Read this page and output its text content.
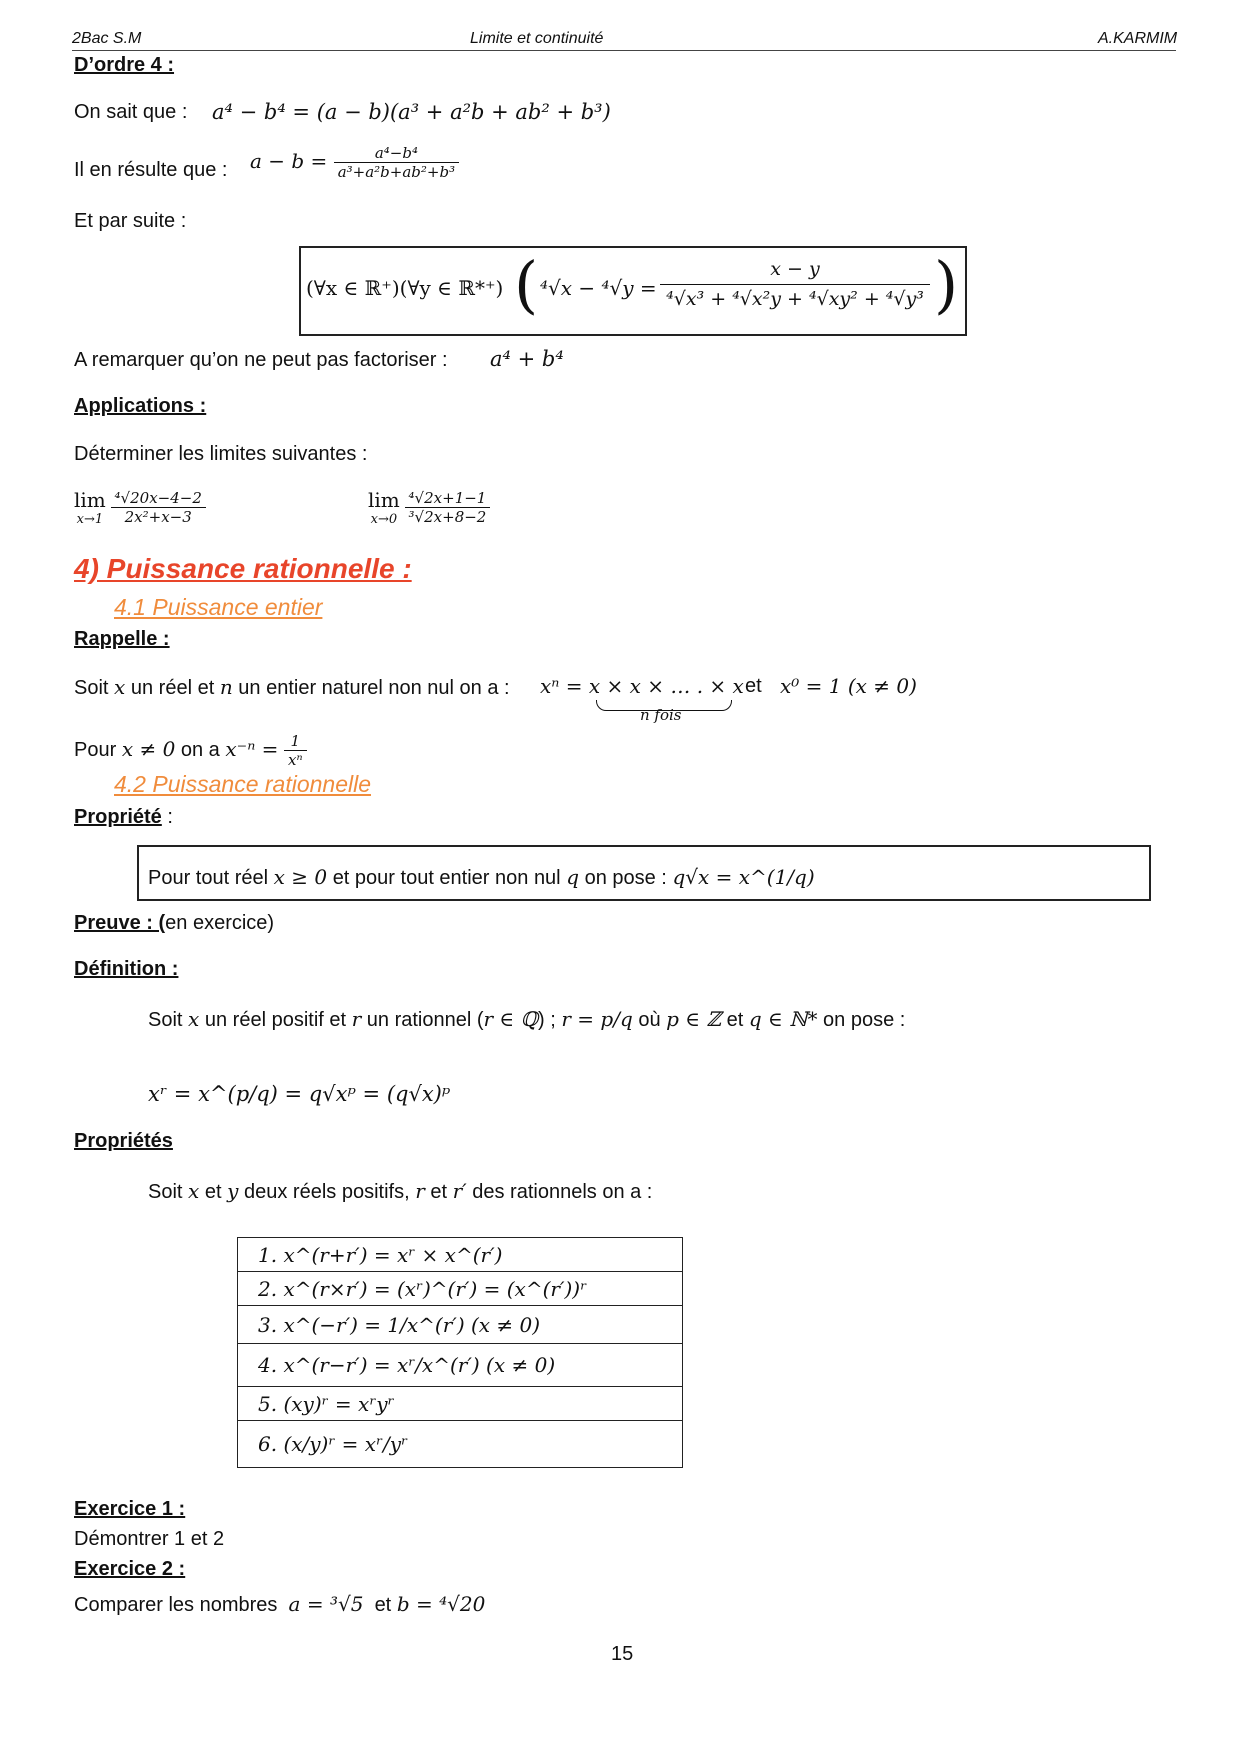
2Bac S.M	Limite et continuité	A.KARMIM
D’ordre 4 :
On sait que : a⁴ − b⁴ = (a − b)(a³ + a²b + ab² + b³)
Il en résulte que : $a - b = \frac{\text{a⁴−b⁴}}{\text{a³+a²b+ab²+b³}}$
Et par suite :
(∀x ∈ ℝ⁺)(∀y ∈ ℝ*⁺) ( $^4√x - ^4√y = \frac{x - y}{\text{⁴√x³ + ⁴√x²y + ⁴√xy² + ⁴√y³}}$ )
A remarquer qu’on ne peut pas factoriser : a⁴ + b⁴
Applications :
Déterminer les limites suivantes :
lim
x→1
$\frac{\text{⁴√20x−4−2}}{\text{2x²+x−3}}$	lim
x→0
$\frac{\text{⁴√2x+1−1}}{\text{³√2x+8−2}}$
4) Puissance rationnelle :
4.1 Puissance entier
Rappelle :
Soit x un réel et n un entier naturel non nul on a : xⁿ = x × x × … . × x
n fois
et x⁰ = 1 (x ≠ 0)
Pour x ≠ 0 on a $x^{-n} = \frac{1}{\text{xⁿ}}$
4.2 Puissance rationnelle
Propriété :
Pour tout réel x ≥ 0 et pour tout entier non nul q on pose : q√x = x^(1/q)
Preuve : (en exercice)
Définition :
Soit x un réel positif et r un rationnel (r ∈ ℚ) ; r = p/q où p ∈ ℤ et q ∈ ℕ* on pose :
xʳ = x^(p/q) = q√xᵖ = (q√x)ᵖ
Propriétés
Soit x et y deux réels positifs, r et r′ des rationnels on a :
1. x^(r+r′) = xʳ × x^(r′)
2. x^(r×r′) = (xʳ)^(r′) = (x^(r′))ʳ
3. x^(−r′) = 1/x^(r′) (x ≠ 0)
4. x^(r−r′) = xʳ/x^(r′) (x ≠ 0)
5. (xy)ʳ = xʳyʳ
6. (x/y)ʳ = xʳ/yʳ
Exercice 1 :
Démontrer 1 et 2
Exercice 2 :
Comparer les nombres a = ³√5 et b = ⁴√20
15
